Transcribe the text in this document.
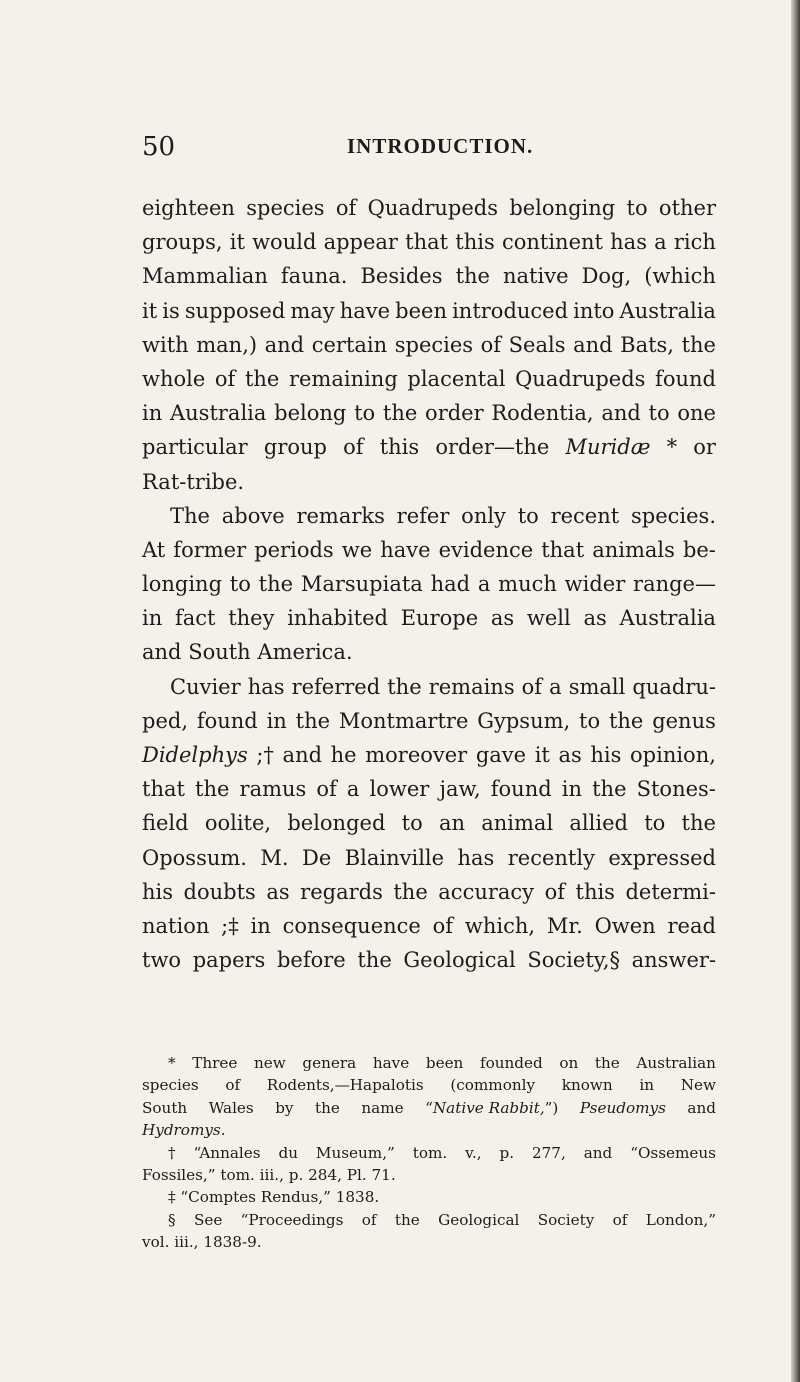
50	INTRODUCTION.
eighteen species of Quadrupeds belonging to other
groups, it would appear that this continent has a rich
Mammalian fauna. Besides the native Dog, (which
it is supposed may have been introduced into Australia
with man,) and certain species of Seals and Bats, the
whole of the remaining placental Quadrupeds found
in Australia belong to the order Rodentia, and to one
particular group of this order—the Muridæ * or
Rat-tribe.
The above remarks refer only to recent species.
At former periods we have evidence that animals be-
longing to the Marsupiata had a much wider range—
in fact they inhabited Europe as well as Australia
and
South
America.
Cuvier has referred the remains of a small quadru-
ped, found in the Montmartre Gypsum, to the genus
Didelphys ;† and he moreover gave it as his opinion,
that the ramus of a lower jaw, found in the Stones-
field oolite, belonged to an animal allied to the
Opossum. M. De Blainville has recently expressed
his doubts as regards the accuracy of this determi-
nation ;‡ in consequence of which, Mr. Owen read
two papers before the Geological Society,§ answer-
* Three new genera have been founded on the Australian
species of Rodents,—Hapalotis (commonly known in New
South Wales by the name “Native Rabbit,”) Pseudomys and
Hydromys.
† “Annales du Museum,” tom. v., p. 277, and “Ossemeus
Fossiles,”
tom.
iii.,
p.
284,
Pl.
71.
‡
“Comptes
Rendus,”
1838.
§ See “Proceedings of the Geological Society of London,”
vol.
iii.,
1838-9.
